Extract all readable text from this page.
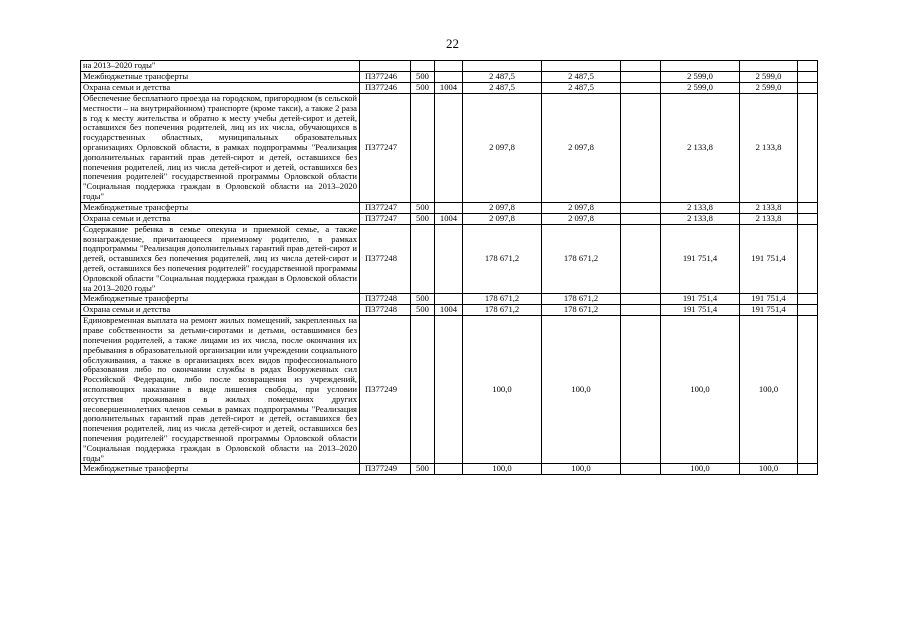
22
на 2013–2020 годы"									
Межбюджетные трансферты	П377246	500		2 487,5	2 487,5		2 599,0	2 599,0	
Охрана семьи и детства	П377246	500	1004	2 487,5	2 487,5		2 599,0	2 599,0	
Обеспечение бесплатного проезда на городском, пригородном (в сельской местности – на внутрирайонном) транспорте (кроме такси), а также 2 раза в год к месту жительства и обратно к месту учебы детей-сирот и детей, оставшихся без попечения родителей, лиц из их числа, обучающихся в государственных областных, муниципальных образовательных организациях Орловской области, в рамках подпрограммы "Реализация дополнительных гарантий прав детей-сирот и детей, оставшихся без попечения родителей, лиц из числа детей-сирот и детей, оставшихся без попечения родителей" государственной программы Орловской области "Социальная поддержка граждан в Орловской области на 2013–2020 годы"	П377247			2 097,8	2 097,8		2 133,8	2 133,8	
Межбюджетные трансферты	П377247	500		2 097,8	2 097,8		2 133,8	2 133,8	
Охрана семьи и детства	П377247	500	1004	2 097,8	2 097,8		2 133,8	2 133,8	
Содержание ребенка в семье опекуна и приемной семье, а также вознаграждение, причитающееся приемному родителю, в рамках подпрограммы "Реализация дополнительных гарантий прав детей-сирот и детей, оставшихся без попечения родителей, лиц из числа детей-сирот и детей, оставшихся без попечения родителей" государственной программы Орловской области "Социальная поддержка граждан в Орловской области на 2013–2020 годы"	П377248			178 671,2	178 671,2		191 751,4	191 751,4	
Межбюджетные трансферты	П377248	500		178 671,2	178 671,2		191 751,4	191 751,4	
Охрана семьи и детства	П377248	500	1004	178 671,2	178 671,2		191 751,4	191 751,4	
Единовременная выплата на ремонт жилых помещений, закрепленных на праве собственности за детьми-сиротами и детьми, оставшимися без попечения родителей, а также лицами из их числа, после окончания их пребывания в образовательной организации или учреждении социального обслуживания, а также в организациях всех видов профессионального образования либо по окончании службы в рядах Вооруженных сил Российской Федерации, либо после возвращения из учреждений, исполняющих наказание в виде лишения свободы, при условии отсутствия проживания в жилых помещениях других несовершеннолетних членов семьи в рамках подпрограммы "Реализация дополнительных гарантий прав детей-сирот и детей, оставшихся без попечения родителей, лиц из числа детей-сирот и детей, оставшихся без попечения родителей" государственной программы Орловской области "Социальная поддержка граждан в Орловской области на 2013–2020 годы"	П377249			100,0	100,0		100,0	100,0	
Межбюджетные трансферты	П377249	500		100,0	100,0		100,0	100,0	
